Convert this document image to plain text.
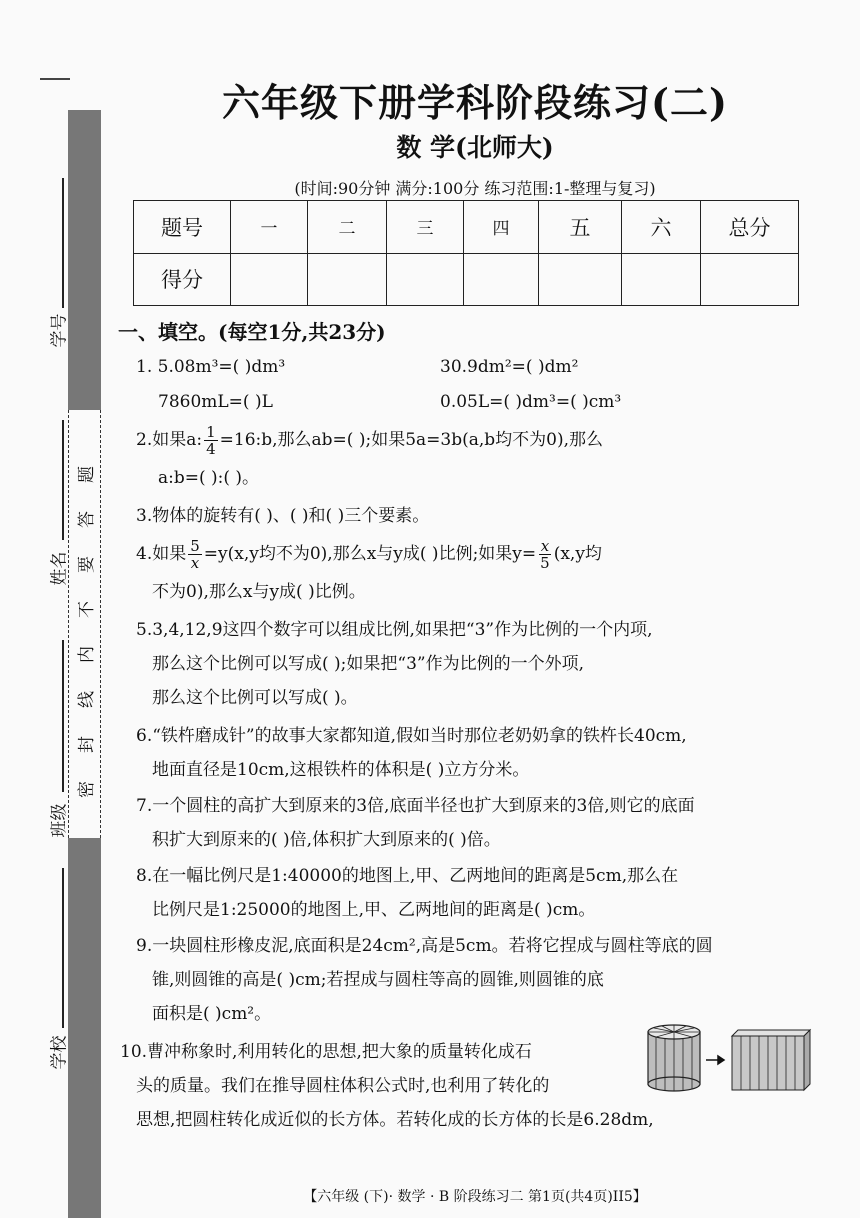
题
答
要
不
内
线
封
密
学号
姓名
班级
学校
六年级下册学科阶段练习(二)
数 学(北师大)
(时间:90分钟 满分:100分 练习范围:1-整理与复习)
题号	一	二	三	四	五	六	总分
得分							
一、填空。(每空1分,共23分)
1. 5.08m³=( )dm³	30.9dm²=( )dm²
7860mL=( )L	0.05L=( )dm³=( )cm³
2.如果a: $\frac{1}{4}$ =16:b,那么ab=( );如果5a=3b(a,b均不为0),那么
a:b=( ):( )。
3.物体的旋转有( )、( )和( )三个要素。
4.如果 $\frac{5}{x} =y(x,y$均不为0),那么x与y成( )比例;如果$y= \frac{x}{5} (x,y$均
不为0),那么x与y成( )比例。
5.3,4,12,9这四个数字可以组成比例,如果把“3”作为比例的一个内项,
那么这个比例可以写成( );如果把“3”作为比例的一个外项,
那么这个比例可以写成( )。
6.“铁杵磨成针”的故事大家都知道,假如当时那位老奶奶拿的铁杵长40cm,
地面直径是10cm,这根铁杵的体积是( )立方分米。
7.一个圆柱的高扩大到原来的3倍,底面半径也扩大到原来的3倍,则它的底面
积扩大到原来的( )倍,体积扩大到原来的( )倍。
8.在一幅比例尺是1:40000的地图上,甲、乙两地间的距离是5cm,那么在
比例尺是1:25000的地图上,甲、乙两地间的距离是( )cm。
9.一块圆柱形橡皮泥,底面积是24cm²,高是5cm。若将它捏成与圆柱等底的圆
锥,则圆锥的高是( )cm;若捏成与圆柱等高的圆锥,则圆锥的底
面积是( )cm²。
10.曹冲称象时,利用转化的思想,把大象的质量转化成石
头的质量。我们在推导圆柱体积公式时,也利用了转化的
思想,把圆柱转化成近似的长方体。若转化成的长方体的长是6.28dm,
【六年级 (下)· 数学 · B 阶段练习二 第1页(共4页)II5】
